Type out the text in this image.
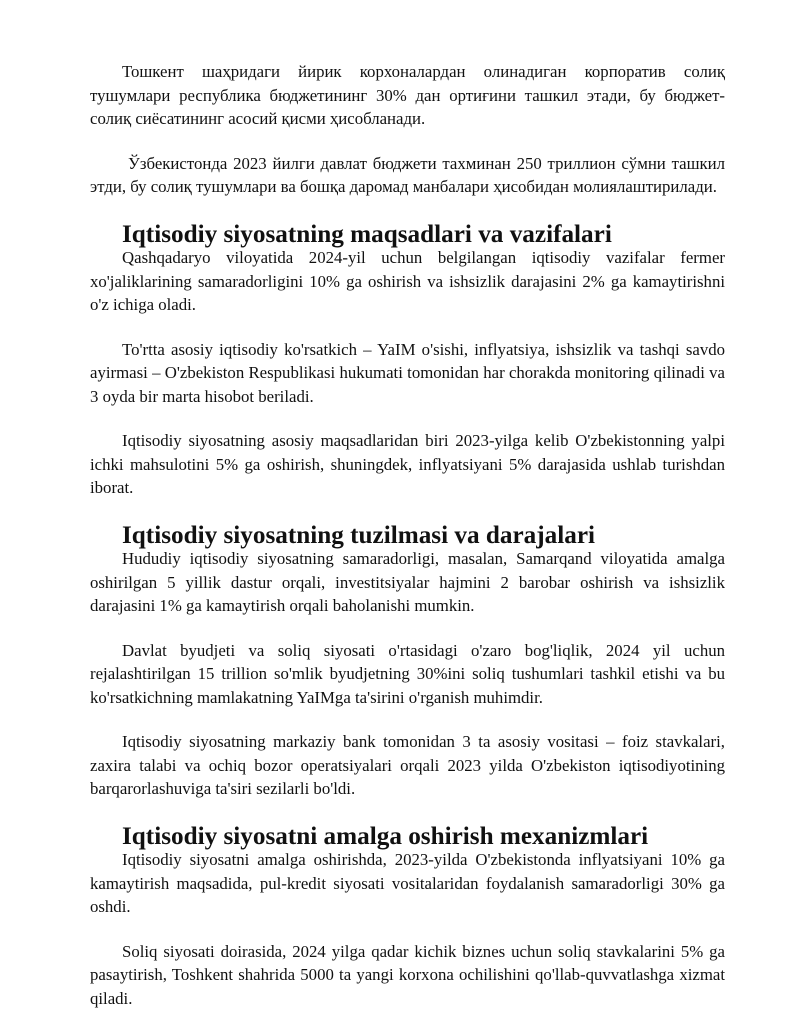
Тошкент шаҳридаги йирик корхоналардан олинадиган корпоратив солиқ тушумлари республика бюджетининг 30% дан ортиғини ташкил этади, бу бюджет-солиқ сиёсатининг асосий қисми ҳисобланади.

Ўзбекистонда 2023 йилги давлат бюджети тахминан 250 триллион сўмни ташкил этди, бу солиқ тушумлари ва бошқа даромад манбалари ҳисобидан молиялаштирилади.

Iqtisodiy siyosatning maqsadlari va vazifalari

Qashqadaryo viloyatida 2024-yil uchun belgilangan iqtisodiy vazifalar fermer xo'jaliklarining samaradorligini 10% ga oshirish va ishsizlik darajasini 2% ga kamaytirishni o'z ichiga oladi.

To'rtta asosiy iqtisodiy ko'rsatkich – YaIM o'sishi, inflyatsiya, ishsizlik va tashqi savdo ayirmasi – O'zbekiston Respublikasi hukumati tomonidan har chorakda monitoring qilinadi va 3 oyda bir marta hisobot beriladi.

Iqtisodiy siyosatning asosiy maqsadlaridan biri 2023-yilga kelib O'zbekistonning yalpi ichki mahsulotini 5% ga oshirish, shuningdek, inflyatsiyani 5% darajasida ushlab turishdan iborat.

Iqtisodiy siyosatning tuzilmasi va darajalari

Hududiy iqtisodiy siyosatning samaradorligi, masalan, Samarqand viloyatida amalga oshirilgan 5 yillik dastur orqali, investitsiyalar hajmini 2 barobar oshirish va ishsizlik darajasini 1% ga kamaytirish orqali baholanishi mumkin.

Davlat byudjeti va soliq siyosati o'rtasidagi o'zaro bog'liqlik, 2024 yil uchun rejalashtirilgan 15 trillion so'mlik byudjetning 30%ini soliq tushumlari tashkil etishi va bu ko'rsatkichning mamlakatning YaIMga ta'sirini o'rganish muhimdir.

Iqtisodiy siyosatning markaziy bank tomonidan 3 ta asosiy vositasi – foiz stavkalari, zaxira talabi va ochiq bozor operatsiyalari orqali 2023 yilda O'zbekiston iqtisodiyotining barqarorlashuviga ta'siri sezilarli bo'ldi.

Iqtisodiy siyosatni amalga oshirish mexanizmlari

Iqtisodiy siyosatni amalga oshirishda, 2023-yilda O'zbekistonda inflyatsiyani 10% ga kamaytirish maqsadida, pul-kredit siyosati vositalaridan foydalanish samaradorligi 30% ga oshdi.

Soliq siyosati doirasida, 2024 yilga qadar kichik biznes uchun soliq stavkalarini 5% ga pasaytirish, Toshkent shahrida 5000 ta yangi korxona ochilishini qo'llab-quvvatlashga xizmat qiladi.
